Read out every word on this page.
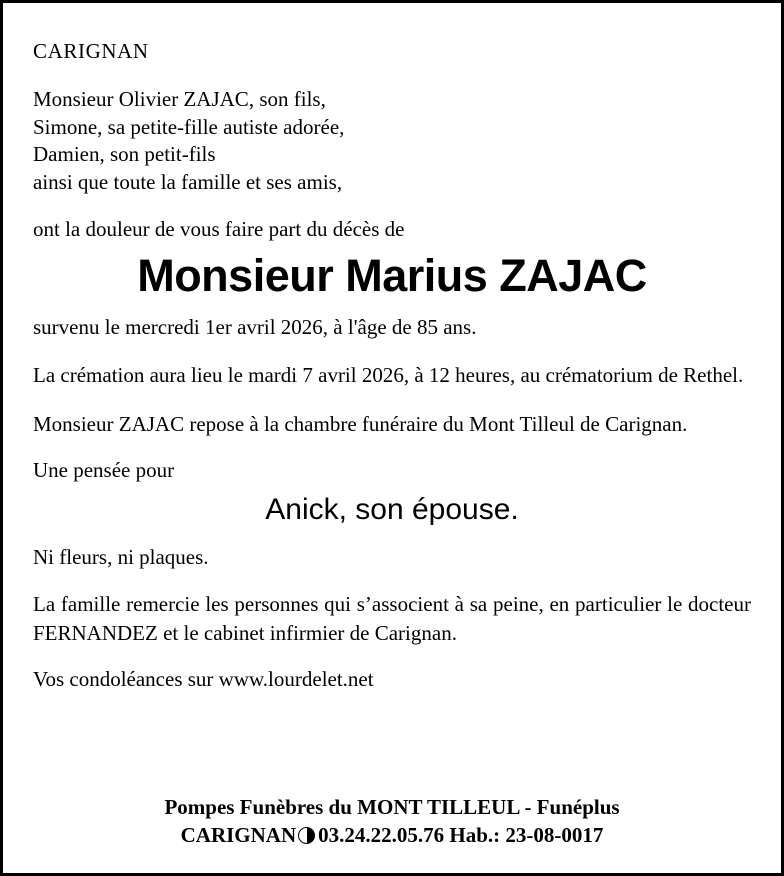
CARIGNAN
Monsieur Olivier ZAJAC, son fils,
Simone, sa petite-fille autiste adorée,
Damien, son petit-fils
ainsi que toute la famille et ses amis,
ont la douleur de vous faire part du décès de
Monsieur Marius ZAJAC
survenu le mercredi 1er avril 2026, à l'âge de 85 ans.
La crémation aura lieu le mardi 7 avril 2026, à 12 heures, au crématorium de Rethel.
Monsieur ZAJAC repose à la chambre funéraire du Mont Tilleul de Carignan.
Une pensée pour
Anick, son épouse.
Ni fleurs, ni plaques.
La famille remercie les personnes qui s’associent à sa peine, en particulier le docteur FERNANDEZ et le cabinet infirmier de Carignan.
Vos condoléances sur www.lourdelet.net
Pompes Funèbres du MONT TILLEUL - Funéplus
CARIGNAN 03.24.22.05.76 Hab.: 23-08-0017
